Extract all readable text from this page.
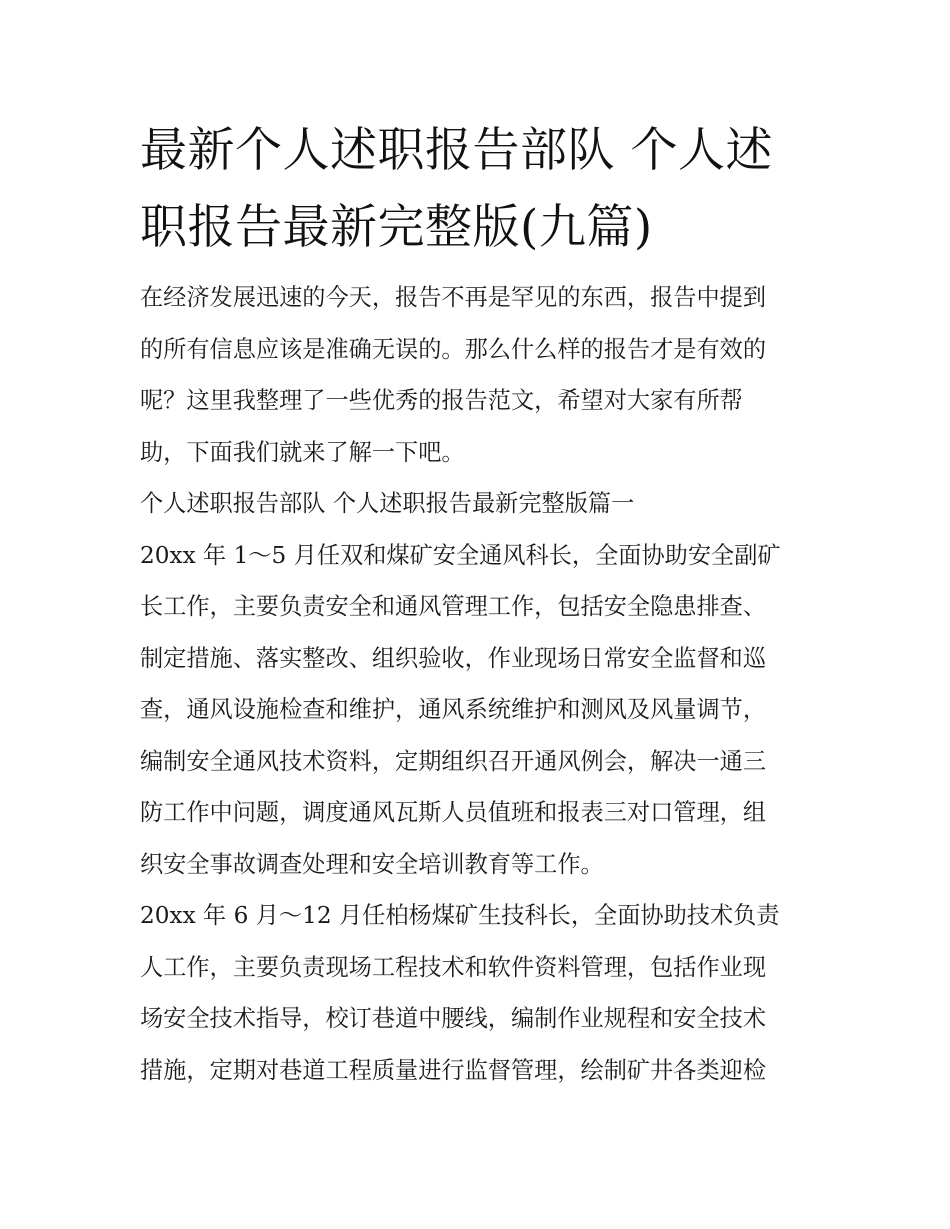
最新个人述职报告部队 个人述
职报告最新完整版(九篇)

在经济发展迅速的今天，报告不再是罕见的东西，报告中提到
的所有信息应该是准确无误的。那么什么样的报告才是有效的
呢？这里我整理了一些优秀的报告范文，希望对大家有所帮
助，下面我们就来了解一下吧。

个人述职报告部队 个人述职报告最新完整版篇一

20xx 年 1～5 月任双和煤矿安全通风科长，全面协助安全副矿
长工作，主要负责安全和通风管理工作，包括安全隐患排查、
制定措施、落实整改、组织验收，作业现场日常安全监督和巡
查，通风设施检查和维护，通风系统维护和测风及风量调节，
编制安全通风技术资料，定期组织召开通风例会，解决一通三
防工作中问题，调度通风瓦斯人员值班和报表三对口管理，组
织安全事故调查处理和安全培训教育等工作。

20xx 年 6 月～12 月任柏杨煤矿生技科长，全面协助技术负责
人工作，主要负责现场工程技术和软件资料管理，包括作业现
场安全技术指导，校订巷道中腰线，编制作业规程和安全技术
措施，定期对巷道工程质量进行监督管理，绘制矿井各类迎检
